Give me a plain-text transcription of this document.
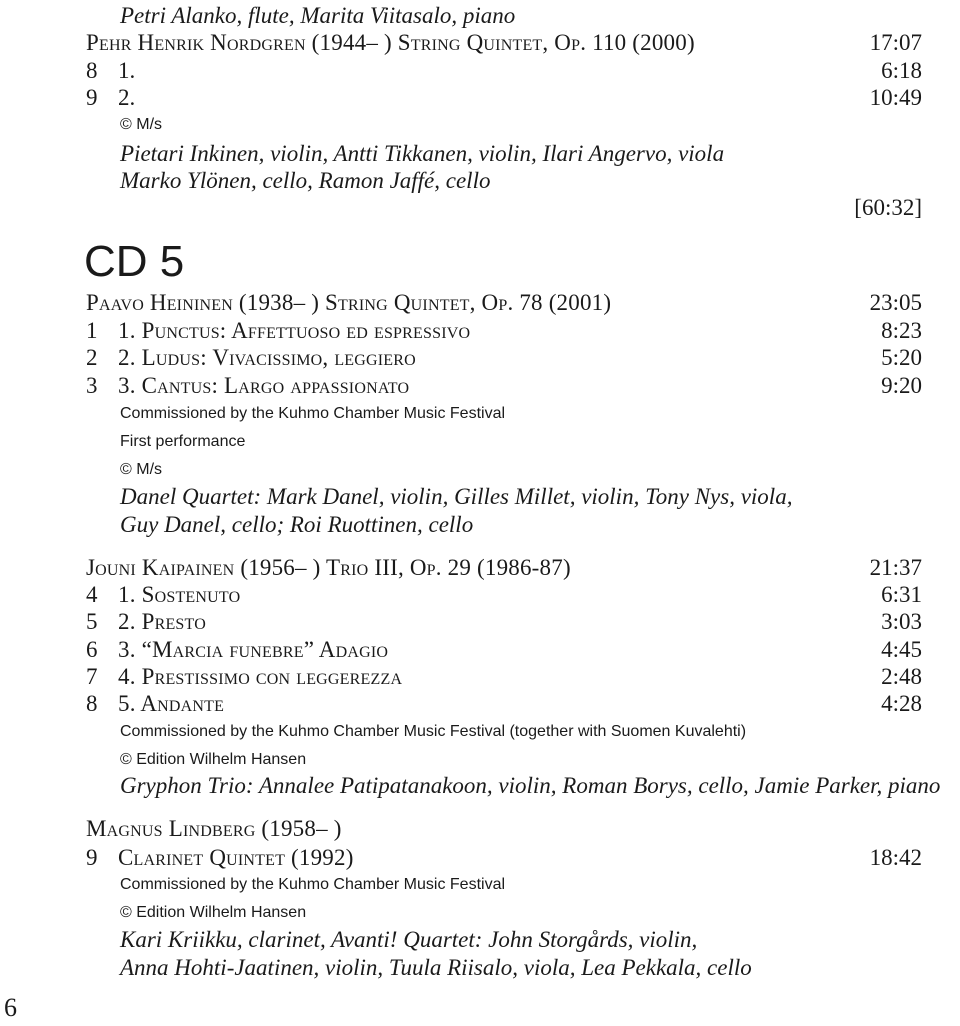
Petri Alanko, flute, Marita Viitasalo, piano
Pehr Henrik Nordgren (1944– ) String Quintet, Op. 110 (2000)	17:07
8 1.	6:18
9 2.	10:49
© M/s
Pietari Inkinen, violin, Antti Tikkanen, violin, Ilari Angervo, viola
Marko Ylönen, cello, Ramon Jaffé, cello
[60:32]
CD 5
Paavo Heininen (1938– ) String Quintet, Op. 78 (2001)	23:05
1 1. Punctus: Affettuoso ed espressivo	8:23
2 2. Ludus: Vivacissimo, leggiero	5:20
3 3. Cantus: Largo appassionato	9:20
Commissioned by the Kuhmo Chamber Music Festival
First performance
© M/s
Danel Quartet: Mark Danel, violin, Gilles Millet, violin, Tony Nys, viola,
Guy Danel, cello; Roi Ruottinen, cello
Jouni Kaipainen (1956– ) Trio III, Op. 29 (1986-87)	21:37
4 1. Sostenuto	6:31
5 2. Presto	3:03
6 3. “Marcia funebre” Adagio	4:45
7 4. Prestissimo con leggerezza	2:48
8 5. Andante	4:28
Commissioned by the Kuhmo Chamber Music Festival (together with Suomen Kuvalehti)
© Edition Wilhelm Hansen
Gryphon Trio: Annalee Patipatanakoon, violin, Roman Borys, cello, Jamie Parker, piano
Magnus Lindberg (1958– )
9 Clarinet Quintet (1992)	18:42
Commissioned by the Kuhmo Chamber Music Festival
© Edition Wilhelm Hansen
Kari Kriikku, clarinet, Avanti! Quartet: John Storgårds, violin,
Anna Hohti-Jaatinen, violin, Tuula Riisalo, viola, Lea Pekkala, cello
6
